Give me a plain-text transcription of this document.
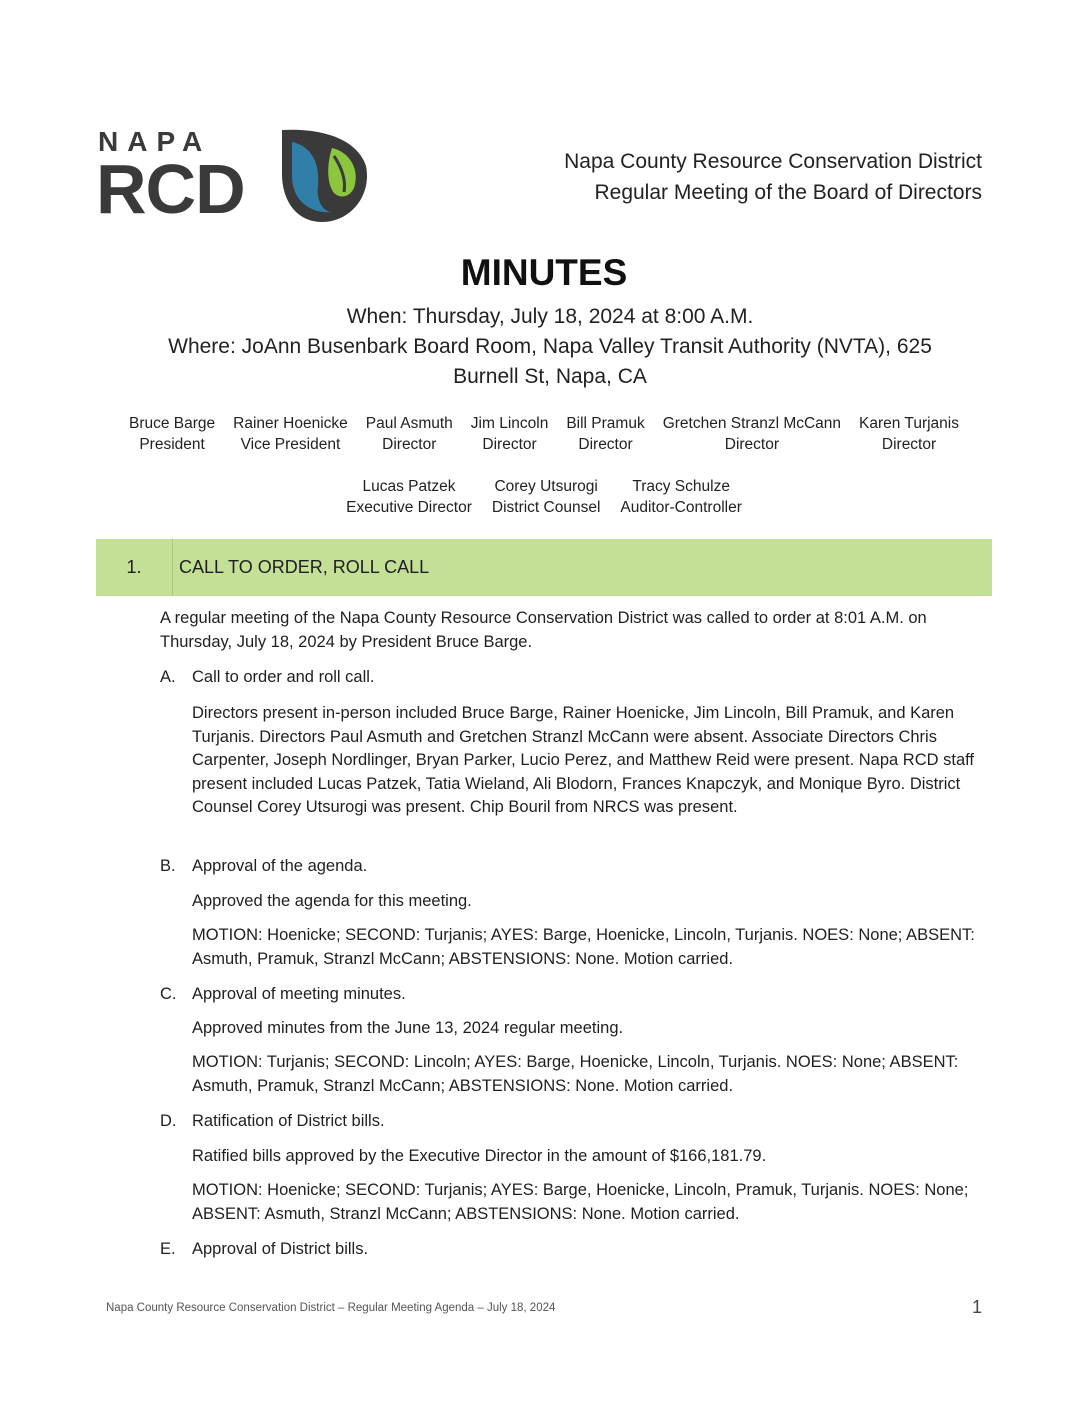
NAPA
RCD	Napa County Resource Conservation District
Regular Meeting of the Board of Directors
MINUTES
When: Thursday, July 18, 2024 at 8:00 A.M.
Where: JoAnn Busenbark Board Room, Napa Valley Transit Authority (NVTA), 625
Burnell St, Napa, CA
Bruce Barge
President
Rainer Hoenicke
Vice President
Paul Asmuth
Director
Jim Lincoln
Director
Bill Pramuk
Director
Gretchen Stranzl McCann
Director
Karen Turjanis
Director
Lucas Patzek
Executive Director
Corey Utsurogi
District Counsel
Tracy Schulze
Auditor-Controller
1.	CALL TO ORDER, ROLL CALL
A regular meeting of the Napa County Resource Conservation District was called to order at 8:01 A.M. on Thursday, July 18, 2024 by President Bruce Barge.
A. Call to order and roll call.
Directors present in-person included Bruce Barge, Rainer Hoenicke, Jim Lincoln, Bill Pramuk, and Karen Turjanis. Directors Paul Asmuth and Gretchen Stranzl McCann were absent. Associate Directors Chris Carpenter, Joseph Nordlinger, Bryan Parker, Lucio Perez, and Matthew Reid were present. Napa RCD staff present included Lucas Patzek, Tatia Wieland, Ali Blodorn, Frances Knapczyk, and Monique Byro. District Counsel Corey Utsurogi was present. Chip Bouril from NRCS was present.
B. Approval of the agenda.
Approved the agenda for this meeting.
MOTION: Hoenicke; SECOND: Turjanis; AYES: Barge, Hoenicke, Lincoln, Turjanis. NOES: None; ABSENT: Asmuth, Pramuk, Stranzl McCann; ABSTENSIONS: None. Motion carried.
C. Approval of meeting minutes.
Approved minutes from the June 13, 2024 regular meeting.
MOTION: Turjanis; SECOND: Lincoln; AYES: Barge, Hoenicke, Lincoln, Turjanis. NOES: None; ABSENT: Asmuth, Pramuk, Stranzl McCann; ABSTENSIONS: None. Motion carried.
D. Ratification of District bills.
Ratified bills approved by the Executive Director in the amount of $166,181.79.
MOTION: Hoenicke; SECOND: Turjanis; AYES: Barge, Hoenicke, Lincoln, Pramuk, Turjanis. NOES: None; ABSENT: Asmuth, Stranzl McCann; ABSTENSIONS: None. Motion carried.
E. Approval of District bills.
Napa County Resource Conservation District – Regular Meeting Agenda – July 18, 2024	1
